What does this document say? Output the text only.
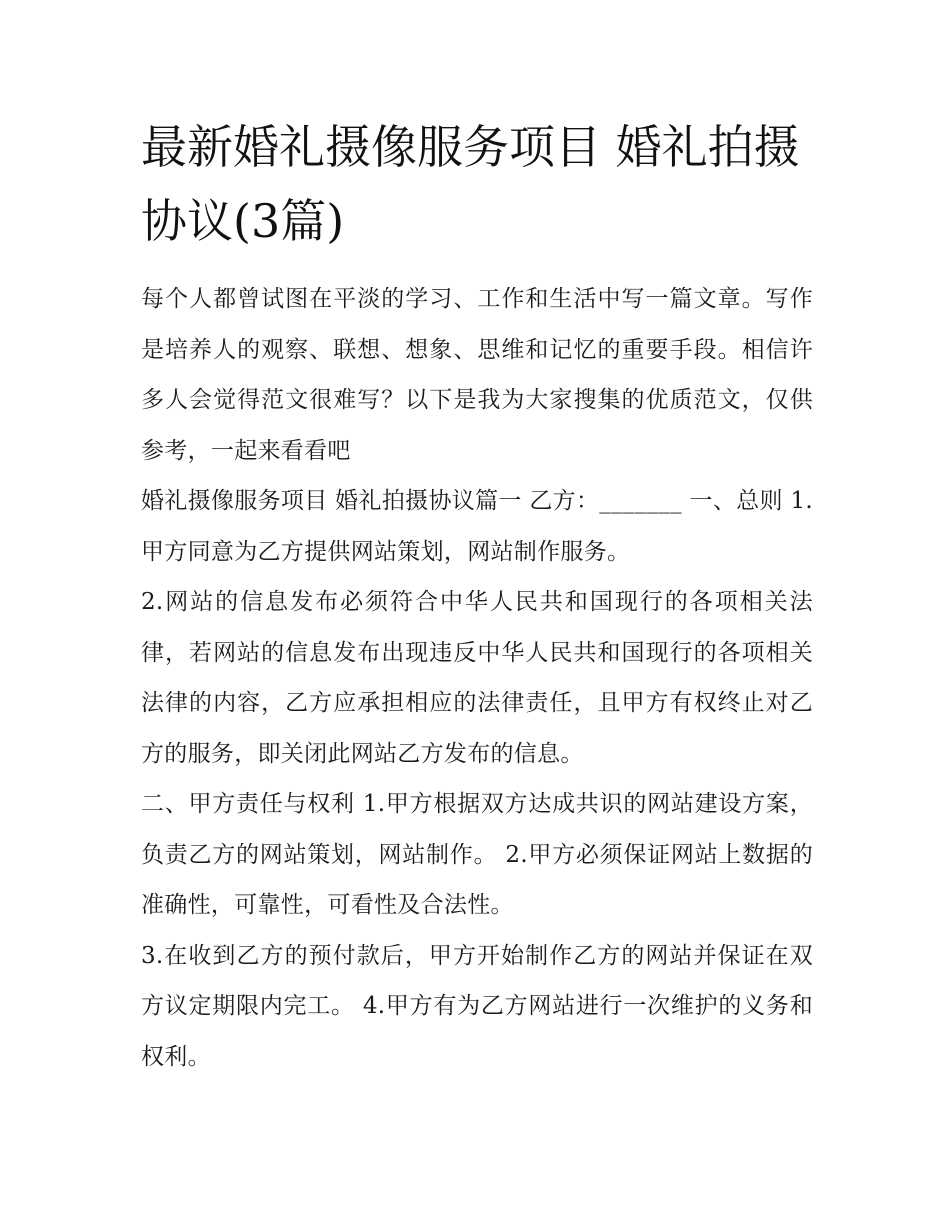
最新婚礼摄像服务项目 婚礼拍摄协议(3篇)

每个人都曾试图在平淡的学习、工作和生活中写一篇文章。写作是培养人的观察、联想、想象、思维和记忆的重要手段。相信许多人会觉得范文很难写？以下是我为大家搜集的优质范文，仅供参考，一起来看看吧

婚礼摄像服务项目 婚礼拍摄协议篇一 乙方：_______ 一、总则 1.甲方同意为乙方提供网站策划，网站制作服务。

2.网站的信息发布必须符合中华人民共和国现行的各项相关法律，若网站的信息发布出现违反中华人民共和国现行的各项相关法律的内容，乙方应承担相应的法律责任，且甲方有权终止对乙方的服务，即关闭此网站乙方发布的信息。

二、甲方责任与权利 1.甲方根据双方达成共识的网站建设方案，负责乙方的网站策划，网站制作。 2.甲方必须保证网站上数据的准确性，可靠性，可看性及合法性。

3.在收到乙方的预付款后，甲方开始制作乙方的网站并保证在双方议定期限内完工。 4.甲方有为乙方网站进行一次维护的义务和权利。
